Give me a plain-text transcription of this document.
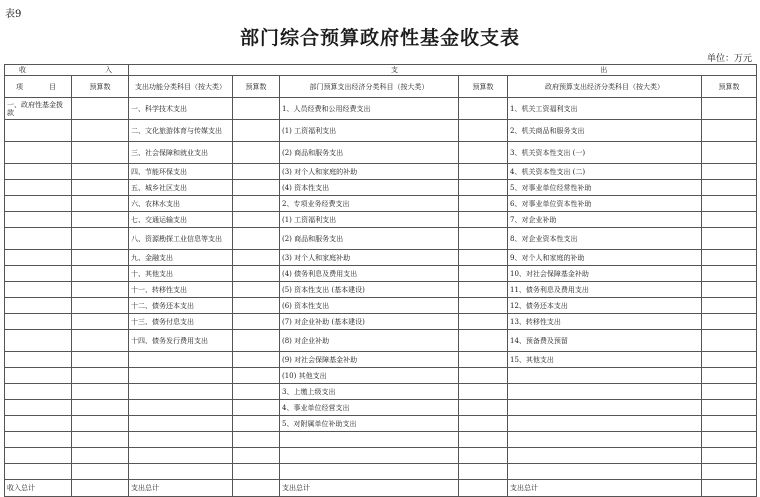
表9
部门综合预算政府性基金收支表
单位：万元
收 入		支 出					
项　　目	预算数	支出功能分类科目（按大类）	预算数	部门预算支出经济分类科目（按大类）	预算数	政府预算支出经济分类科目（按大类）	预算数
一、政府性基金拨款		一、科学技术支出		1、人员经费和公用经费支出		1、机关工资福利支出	
		二、文化旅游体育与传媒支出		(1) 工资福利支出		2、机关商品和服务支出	
		三、社会保障和就业支出		(2) 商品和服务支出		3、机关资本性支出 (一)	
		四、节能环保支出		(3) 对个人和家庭的补助		4、机关资本性支出 (二)	
		五、城乡社区支出		(4) 资本性支出		5、对事业单位经常性补助	
		六、农林水支出		2、专项业务经费支出		6、对事业单位资本性补助	
		七、交通运输支出		(1) 工资福利支出		7、对企业补助	
		八、资源勘探工业信息等支出		(2) 商品和服务支出		8、对企业资本性支出	
		九、金融支出		(3) 对个人和家庭补助		9、对个人和家庭的补助	
		十、其他支出		(4) 债务利息及费用支出		10、对社会保障基金补助	
		十一、转移性支出		(5) 资本性支出 (基本建设)		11、债务利息及费用支出	
		十二、债务还本支出		(6) 资本性支出		12、债务还本支出	
		十三、债务付息支出		(7) 对企业补助 (基本建设)		13、转移性支出	
		十四、债务发行费用支出		(8) 对企业补助		14、预备费及预留	
				(9) 对社会保障基金补助		15、其他支出	
				(10) 其他支出			
				3、上缴上级支出			
				4、事业单位经营支出			
				5、对附属单位补助支出			

收入总计		支出总计		支出总计		支出总计	
